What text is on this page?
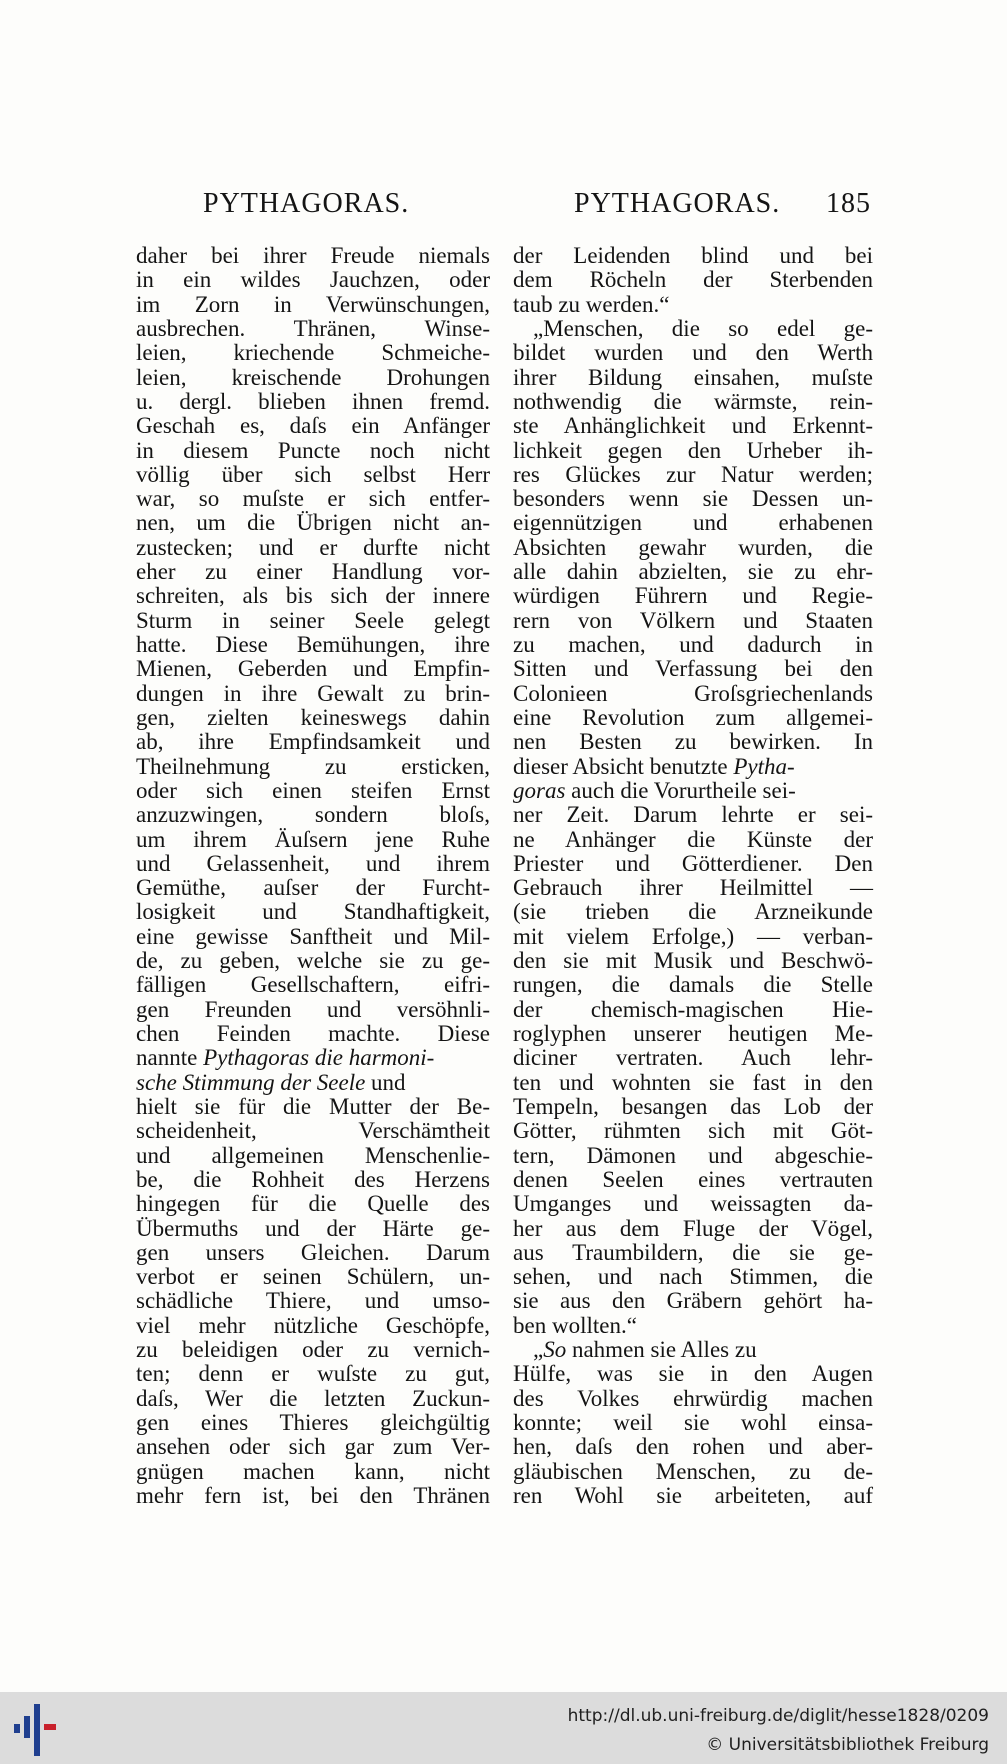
PYTHAGORAS.	PYTHAGORAS. 185
daher bei ihrer Freude niemals
in ein wildes Jauchzen, oder
im Zorn in Verwünschungen,
ausbrechen. Thränen, Winse-
leien, kriechende Schmeiche-
leien, kreischende Drohungen
u. dergl. blieben ihnen fremd.
Geschah es, daſs ein Anfänger
in diesem Puncte noch nicht
völlig über sich selbst Herr
war, so muſste er sich entfer-
nen, um die Übrigen nicht an-
zustecken; und er durfte nicht
eher zu einer Handlung vor-
schreiten, als bis sich der innere
Sturm in seiner Seele gelegt
hatte. Diese Bemühungen, ihre
Mienen, Geberden und Empfin-
dungen in ihre Gewalt zu brin-
gen, zielten keineswegs dahin
ab, ihre Empfindsamkeit und
Theilnehmung zu ersticken,
oder sich einen steifen Ernst
anzuzwingen, sondern bloſs,
um ihrem Äuſsern jene Ruhe
und Gelassenheit, und ihrem
Gemüthe, auſser der Furcht-
losigkeit und Standhaftigkeit,
eine gewisse Sanftheit und Mil-
de, zu geben, welche sie zu ge-
fälligen Gesellschaftern, eifri-
gen Freunden und versöhnli-
chen Feinden machte. Diese
nannte Pythagoras die harmoni-
sche Stimmung der Seele und
hielt sie für die Mutter der Be-
scheidenheit, Verschämtheit
und allgemeinen Menschenlie-
be, die Rohheit des Herzens
hingegen für die Quelle des
Übermuths und der Härte ge-
gen unsers Gleichen. Darum
verbot er seinen Schülern, un-
schädliche Thiere, und umso-
viel mehr nützliche Geschöpfe,
zu beleidigen oder zu vernich-
ten; denn er wuſste zu gut,
daſs, Wer die letzten Zuckun-
gen eines Thieres gleichgültig
ansehen oder sich gar zum Ver-
gnügen machen kann, nicht
mehr fern ist, bei den Thränen
der Leidenden blind und bei
dem Röcheln der Sterbenden
taub zu werden.“
„Menschen, die so edel ge-
bildet wurden und den Werth
ihrer Bildung einsahen, muſste
nothwendig die wärmste, rein-
ste Anhänglichkeit und Erkennt-
lichkeit gegen den Urheber ih-
res Glückes zur Natur werden;
besonders wenn sie Dessen un-
eigennützigen und erhabenen
Absichten gewahr wurden, die
alle dahin abzielten, sie zu ehr-
würdigen Führern und Regie-
rern von Völkern und Staaten
zu machen, und dadurch in
Sitten und Verfassung bei den
Colonieen Groſsgriechenlands
eine Revolution zum allgemei-
nen Besten zu bewirken. In
dieser Absicht benutzte Pytha-
goras auch die Vorurtheile sei-
ner Zeit. Darum lehrte er sei-
ne Anhänger die Künste der
Priester und Götterdiener. Den
Gebrauch ihrer Heilmittel —
(sie trieben die Arzneikunde
mit vielem Erfolge,) — verban-
den sie mit Musik und Beschwö-
rungen, die damals die Stelle
der chemisch-magischen Hie-
roglyphen unserer heutigen Me-
diciner vertraten. Auch lehr-
ten und wohnten sie fast in den
Tempeln, besangen das Lob der
Götter, rühmten sich mit Göt-
tern, Dämonen und abgeschie-
denen Seelen eines vertrauten
Umganges und weissagten da-
her aus dem Fluge der Vögel,
aus Traumbildern, die sie ge-
sehen, und nach Stimmen, die
sie aus den Gräbern gehört ha-
ben wollten.“
„So nahmen sie Alles zu
Hülfe, was sie in den Augen
des Volkes ehrwürdig machen
konnte; weil sie wohl einsa-
hen, daſs den rohen und aber-
gläubischen Menschen, zu de-
ren Wohl sie arbeiteten, auf
http://dl.ub.uni-freiburg.de/diglit/hesse1828/0209
© Universitätsbibliothek Freiburg
